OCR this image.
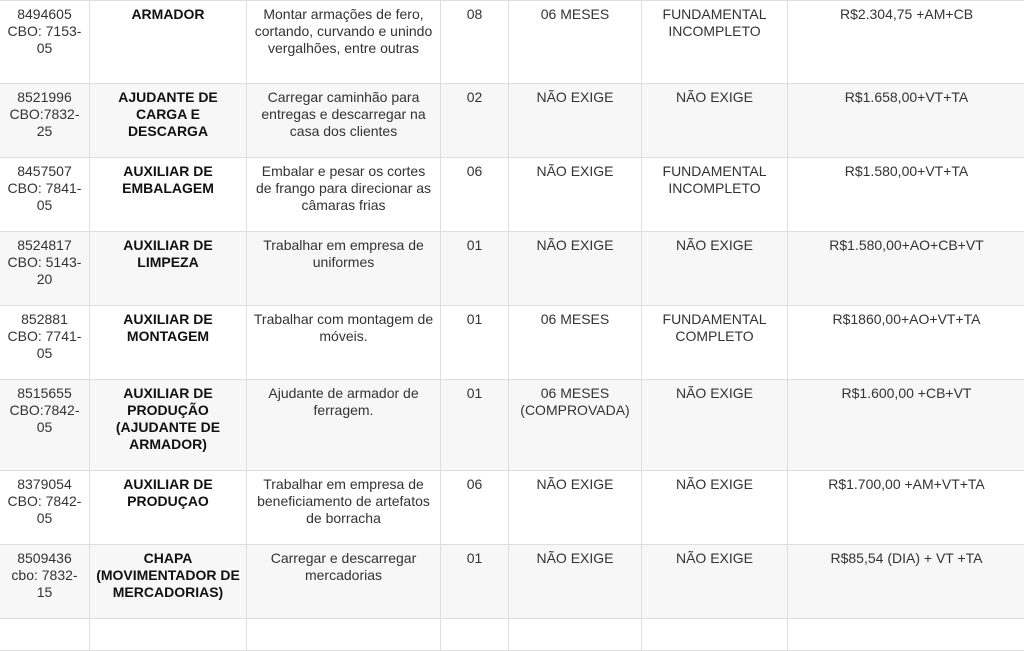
8494605 CBO: 7153-05	ARMADOR	Montar armações de fero, cortando, curvando e unindo vergalhões, entre outras	08	06 MESES	FUNDAMENTAL INCOMPLETO	R$2.304,75 +AM+CB
8521996 CBO:7832-25	AJUDANTE DE CARGA E DESCARGA	Carregar caminhão para entregas e descarregar na casa dos clientes	02	NÃO EXIGE	NÃO EXIGE	R$1.658,00+VT+TA
8457507 CBO: 7841-05	AUXILIAR DE EMBALAGEM	Embalar e pesar os cortes de frango para direcionar as câmaras frias	06	NÃO EXIGE	FUNDAMENTAL INCOMPLETO	R$1.580,00+VT+TA
8524817 CBO: 5143-20	AUXILIAR DE LIMPEZA	Trabalhar em empresa de uniformes	01	NÃO EXIGE	NÃO EXIGE	R$1.580,00+AO+CB+VT
852881 CBO: 7741-05	AUXILIAR DE MONTAGEM	Trabalhar com montagem de móveis.	01	06 MESES	FUNDAMENTAL COMPLETO	R$1860,00+AO+VT+TA
8515655 CBO:7842-05	AUXILIAR DE PRODUÇÃO (AJUDANTE DE ARMADOR)	Ajudante de armador de ferragem.	01	06 MESES (COMPROVADA)	NÃO EXIGE	R$1.600,00 +CB+VT
8379054 CBO: 7842-05	AUXILIAR DE PRODUÇAO	Trabalhar em empresa de beneficiamento de artefatos de borracha	06	NÃO EXIGE	NÃO EXIGE	R$1.700,00 +AM+VT+TA
8509436 cbo: 7832-15	CHAPA (MOVIMENTADOR DE MERCADORIAS)	Carregar e descarregar mercadorias	01	NÃO EXIGE	NÃO EXIGE	R$85,54 (DIA) + VT +TA
